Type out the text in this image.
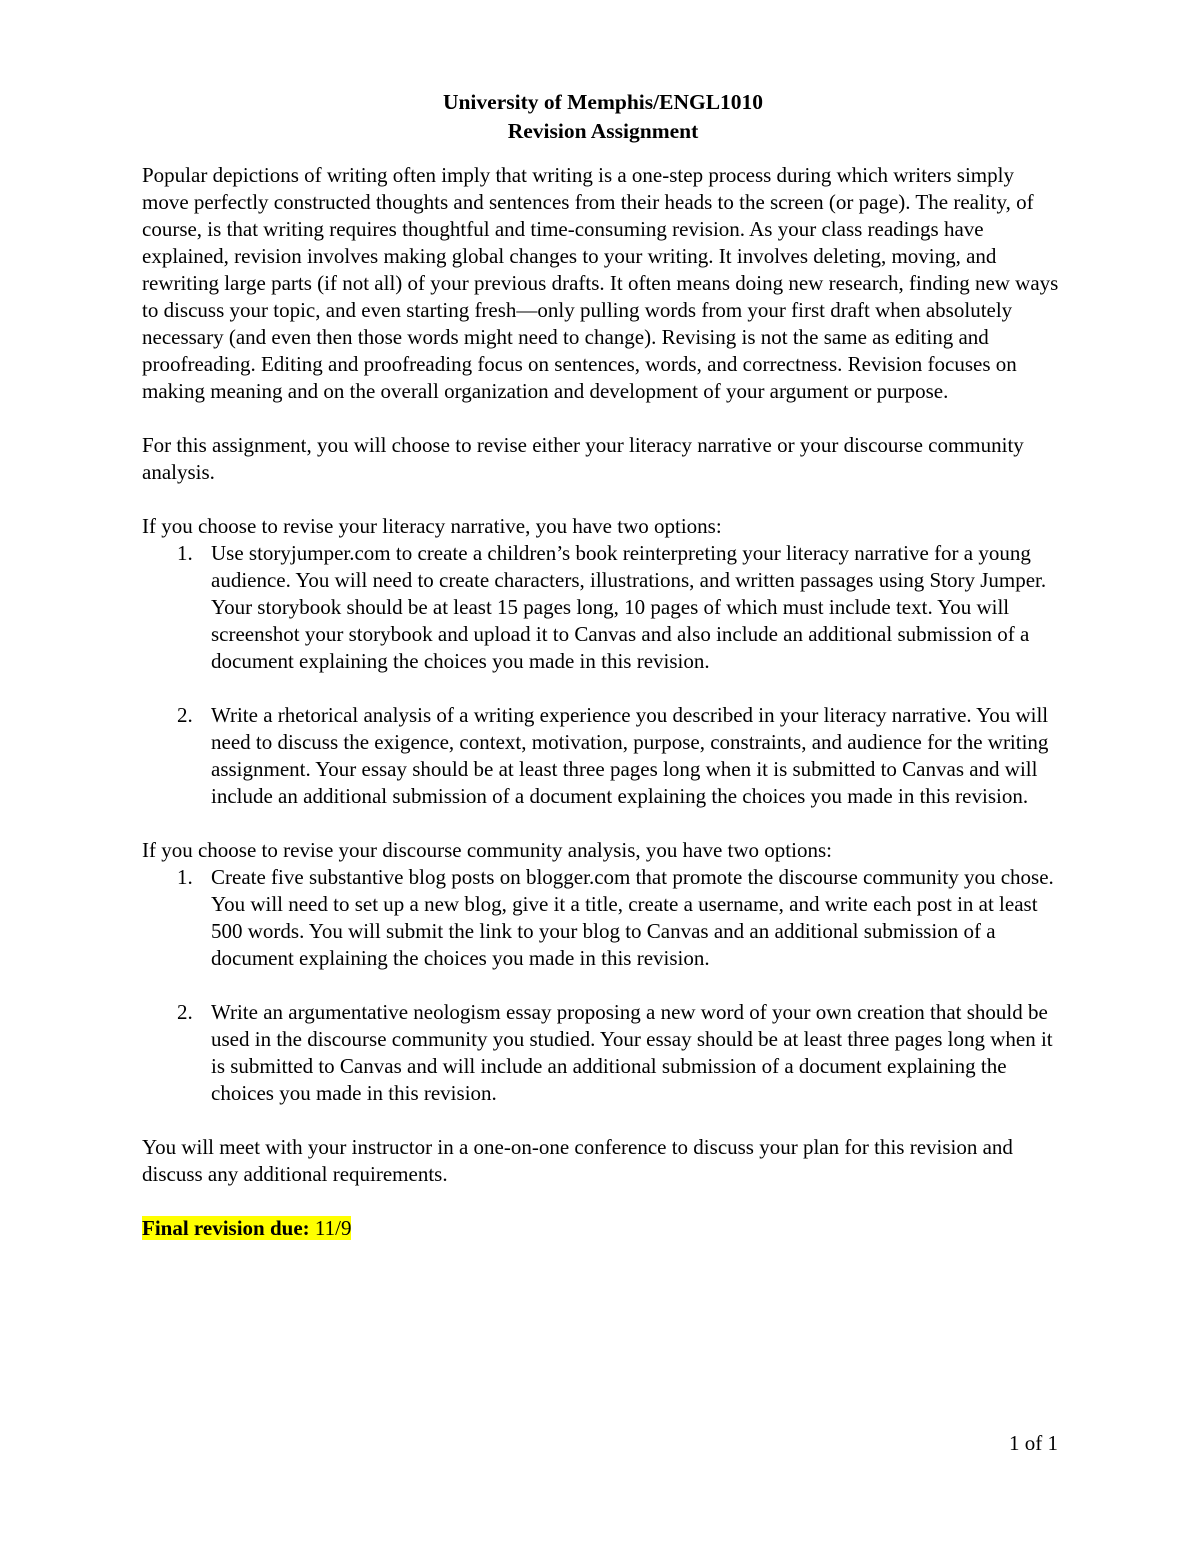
University of Memphis/ENGL1010
Revision Assignment

Popular depictions of writing often imply that writing is a one-step process during which writers simply move perfectly constructed thoughts and sentences from their heads to the screen (or page). The reality, of course, is that writing requires thoughtful and time-consuming revision. As your class readings have explained, revision involves making global changes to your writing. It involves deleting, moving, and rewriting large parts (if not all) of your previous drafts. It often means doing new research, finding new ways to discuss your topic, and even starting fresh—only pulling words from your first draft when absolutely necessary (and even then those words might need to change). Revising is not the same as editing and proofreading. Editing and proofreading focus on sentences, words, and correctness. Revision focuses on making meaning and on the overall organization and development of your argument or purpose.

For this assignment, you will choose to revise either your literacy narrative or your discourse community analysis.

If you choose to revise your literacy narrative, you have two options:
1. Use storyjumper.com to create a children’s book reinterpreting your literacy narrative for a young audience. You will need to create characters, illustrations, and written passages using Story Jumper. Your storybook should be at least 15 pages long, 10 pages of which must include text. You will screenshot your storybook and upload it to Canvas and also include an additional submission of a document explaining the choices you made in this revision.
2. Write a rhetorical analysis of a writing experience you described in your literacy narrative. You will need to discuss the exigence, context, motivation, purpose, constraints, and audience for the writing assignment. Your essay should be at least three pages long when it is submitted to Canvas and will include an additional submission of a document explaining the choices you made in this revision.
If you choose to revise your discourse community analysis, you have two options:
1. Create five substantive blog posts on blogger.com that promote the discourse community you chose. You will need to set up a new blog, give it a title, create a username, and write each post in at least 500 words. You will submit the link to your blog to Canvas and an additional submission of a document explaining the choices you made in this revision.
2. Write an argumentative neologism essay proposing a new word of your own creation that should be used in the discourse community you studied. Your essay should be at least three pages long when it is submitted to Canvas and will include an additional submission of a document explaining the choices you made in this revision.

You will meet with your instructor in a one-on-one conference to discuss your plan for this revision and discuss any additional requirements.

Final revision due: 11/9
1 of 1
